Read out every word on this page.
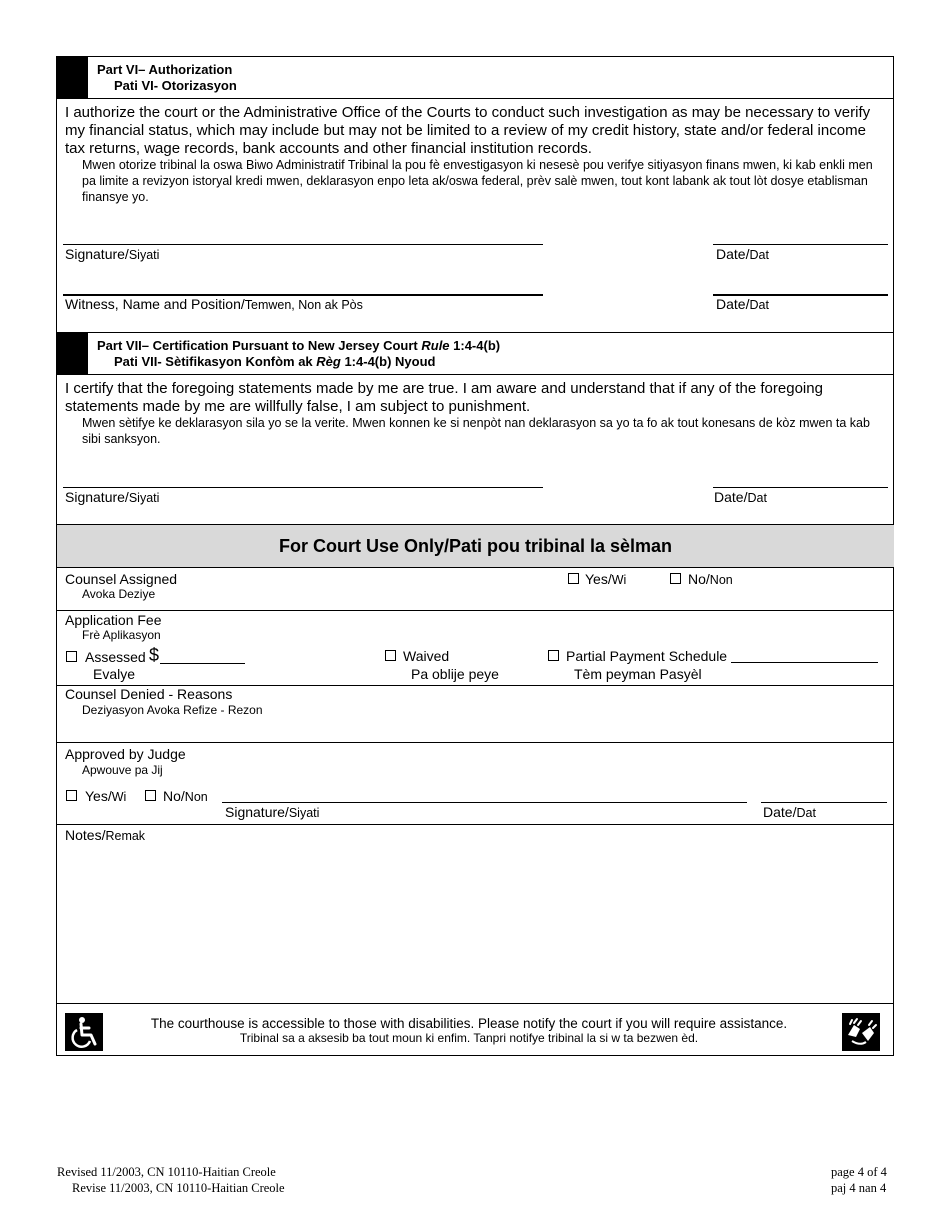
Part VI– Authorization
Pati VI- Otorizasyon
I authorize the court or the Administrative Office of the Courts to conduct such investigation as may be necessary to verify my financial status, which may include but may not be limited to a review of my credit history, state and/or federal income tax returns, wage records, bank accounts and other financial institution records.
Mwen otorize tribinal la oswa Biwo Administratif Tribinal la pou fè envestigasyon ki nesesè pou verifye sitiyasyon finans mwen, ki kab enkli men pa limite a revizyon istoryal kredi mwen, deklarasyon enpo leta ak/oswa federal, prèv salè mwen, tout kont labank ak tout lòt dosye etablisman finansye yo.
Signature/Siyati	Date/Dat
Witness, Name and Position/Temwen, Non ak Pòs	Date/Dat
Part VII– Certification Pursuant to New Jersey Court Rule 1:4-4(b)
Pati VII- Sètifikasyon Konfòm ak Règ 1:4-4(b) Nyoud
I certify that the foregoing statements made by me are true. I am aware and understand that if any of the foregoing statements made by me are willfully false, I am subject to punishment.
Mwen sètifye ke deklarasyon sila yo se la verite. Mwen konnen ke si nenpòt nan deklarasyon sa yo ta fo ak tout konesans de kòz mwen ta kab sibi sanksyon.
Signature/Siyati	Date/Dat
For Court Use Only/Pati pou tribinal la sèlman
Counsel Assigned
Avoka Deziye
Yes/Wi	No/Non
Application Fee
Frè Aplikasyon
Assessed $
Evalye
Waived
Pa oblije peye
Partial Payment Schedule
Tèm peyman Pasyèl
Counsel Denied - Reasons
Deziyasyon Avoka Refize - Rezon
Approved by Judge
Apwouve pa Jij
Yes/Wi	No/Non
Signature/Siyati	Date/Dat
Notes/Remak
The courthouse is accessible to those with disabilities. Please notify the court if you will require assistance.
Tribinal sa a aksesib ba tout moun ki enfim. Tanpri notifye tribinal la si w ta bezwen èd.
Revised 11/2003, CN 10110-Haitian Creole
Revise 11/2003, CN 10110-Haitian Creole
page 4 of 4
paj 4 nan 4
